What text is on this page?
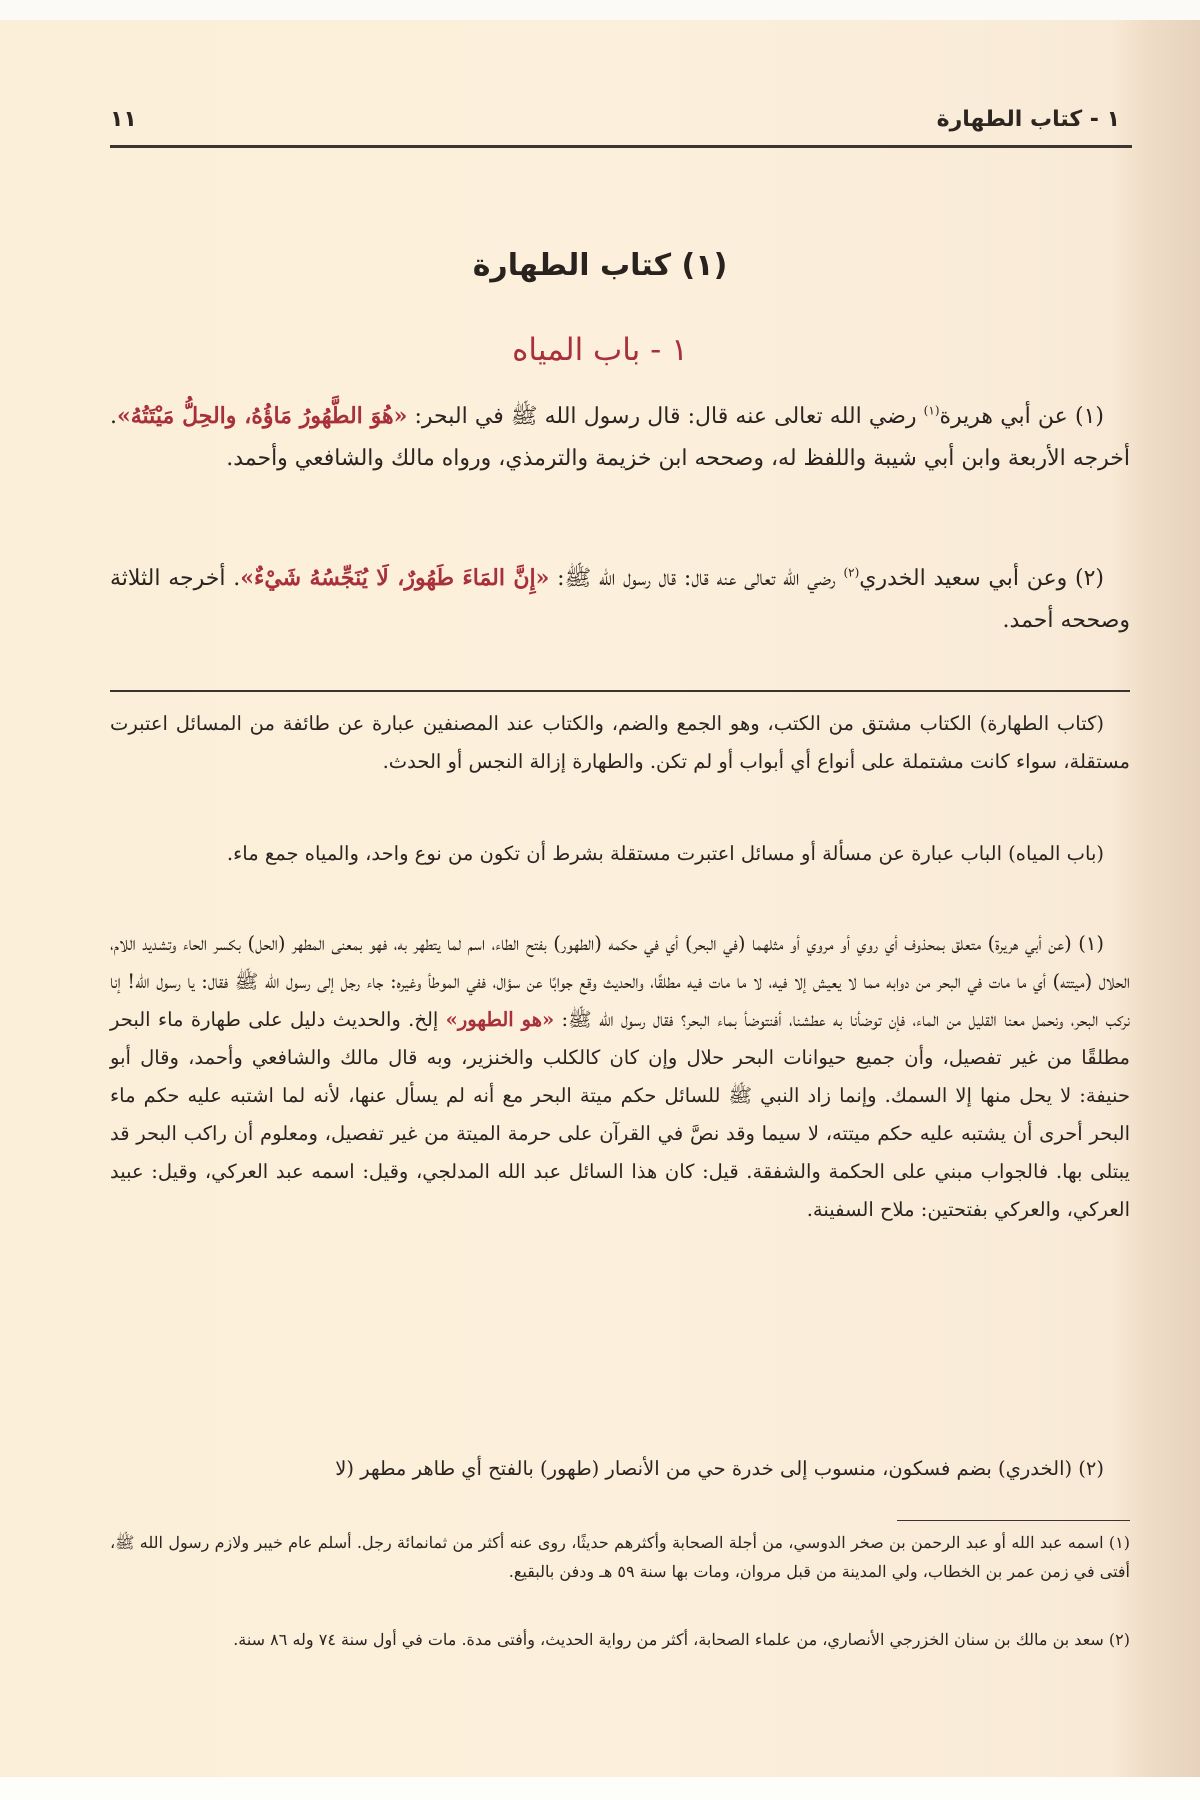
١ - كتاب الطهارة
١١
(١) كتاب الطهارة
١ - باب المياه
(١) عن أبي هريرة$^{(١)}$ رضي الله تعالى عنه قال: قال رسول الله ﷺ في البحر: «هُوَ الطَّهُورُ مَاؤُهُ، والحِلُّ مَيْتَتُهُ». أخرجه الأربعة وابن أبي شيبة واللفظ له، وصححه ابن خزيمة والترمذي، ورواه مالك والشافعي وأحمد.
(٢) وعن أبي سعيد الخدري$^{(٢)}$ رضي الله تعالى عنه قال: قال رسول الله ﷺ: «إِنَّ المَاءَ طَهُورٌ، لَا يُنَجِّسُهُ شَيْءٌ». أخرجه الثلاثة وصححه أحمد.
(كتاب الطهارة) الكتاب مشتق من الكتب، وهو الجمع والضم، والكتاب عند المصنفين عبارة عن طائفة من المسائل اعتبرت مستقلة، سواء كانت مشتملة على أنواع أي أبواب أو لم تكن. والطهارة إزالة النجس أو الحدث.
(باب المياه) الباب عبارة عن مسألة أو مسائل اعتبرت مستقلة بشرط أن تكون من نوع واحد، والمياه جمع ماء.
(١) (عن أبي هريرة) متعلق بمحذوف أي روي أو مروي أو مثلهما (في البحر) أي في حكمه (الطهور) بفتح الطاء، اسم لما يتطهر به، فهو بمعنى المطهر (الحل) بكسر الحاء وتشديد اللام، الحلال (ميتته) أي ما مات في البحر من دوابه مما لا يعيش إلا فيه، لا ما مات فيه مطلقًا، والحديث وقع جوابًا عن سؤال، ففي الموطأ وغيره: جاء رجل إلى رسول الله ﷺ فقال: يا رسول الله! إنا نركب البحر، ونحمل معنا القليل من الماء، فإن توضأنا به عطشنا، أفنتوضأ بماء البحر؟ فقال رسول الله ﷺ: «هو الطهور» إلخ. والحديث دليل على طهارة ماء البحر مطلقًا من غير تفصيل، وأن جميع حيوانات البحر حلال وإن كان كالكلب والخنزير، وبه قال مالك والشافعي وأحمد، وقال أبو حنيفة: لا يحل منها إلا السمك. وإنما زاد النبي ﷺ للسائل حكم ميتة البحر مع أنه لم يسأل عنها، لأنه لما اشتبه عليه حكم ماء البحر أحرى أن يشتبه عليه حكم ميتته، لا سيما وقد نصَّ في القرآن على حرمة الميتة من غير تفصيل، ومعلوم أن راكب البحر قد يبتلى بها. فالجواب مبني على الحكمة والشفقة. قيل: كان هذا السائل عبد الله المدلجي، وقيل: اسمه عبد العركي، وقيل: عبيد العركي، والعركي بفتحتين: ملاح السفينة.
(٢) (الخدري) بضم فسكون، منسوب إلى خدرة حي من الأنصار (طهور) بالفتح أي طاهر مطهر (لا
(١) اسمه عبد الله أو عبد الرحمن بن صخر الدوسي، من أجلة الصحابة وأكثرهم حديثًا، روى عنه أكثر من ثمانمائة رجل. أسلم عام خيبر ولازم رسول الله ﷺ، أفتى في زمن عمر بن الخطاب، ولي المدينة من قبل مروان، ومات بها سنة ٥٩ هـ ودفن بالبقيع.
(٢) سعد بن مالك بن سنان الخزرجي الأنصاري، من علماء الصحابة، أكثر من رواية الحديث، وأفتى مدة. مات في أول سنة ٧٤ وله ٨٦ سنة.
